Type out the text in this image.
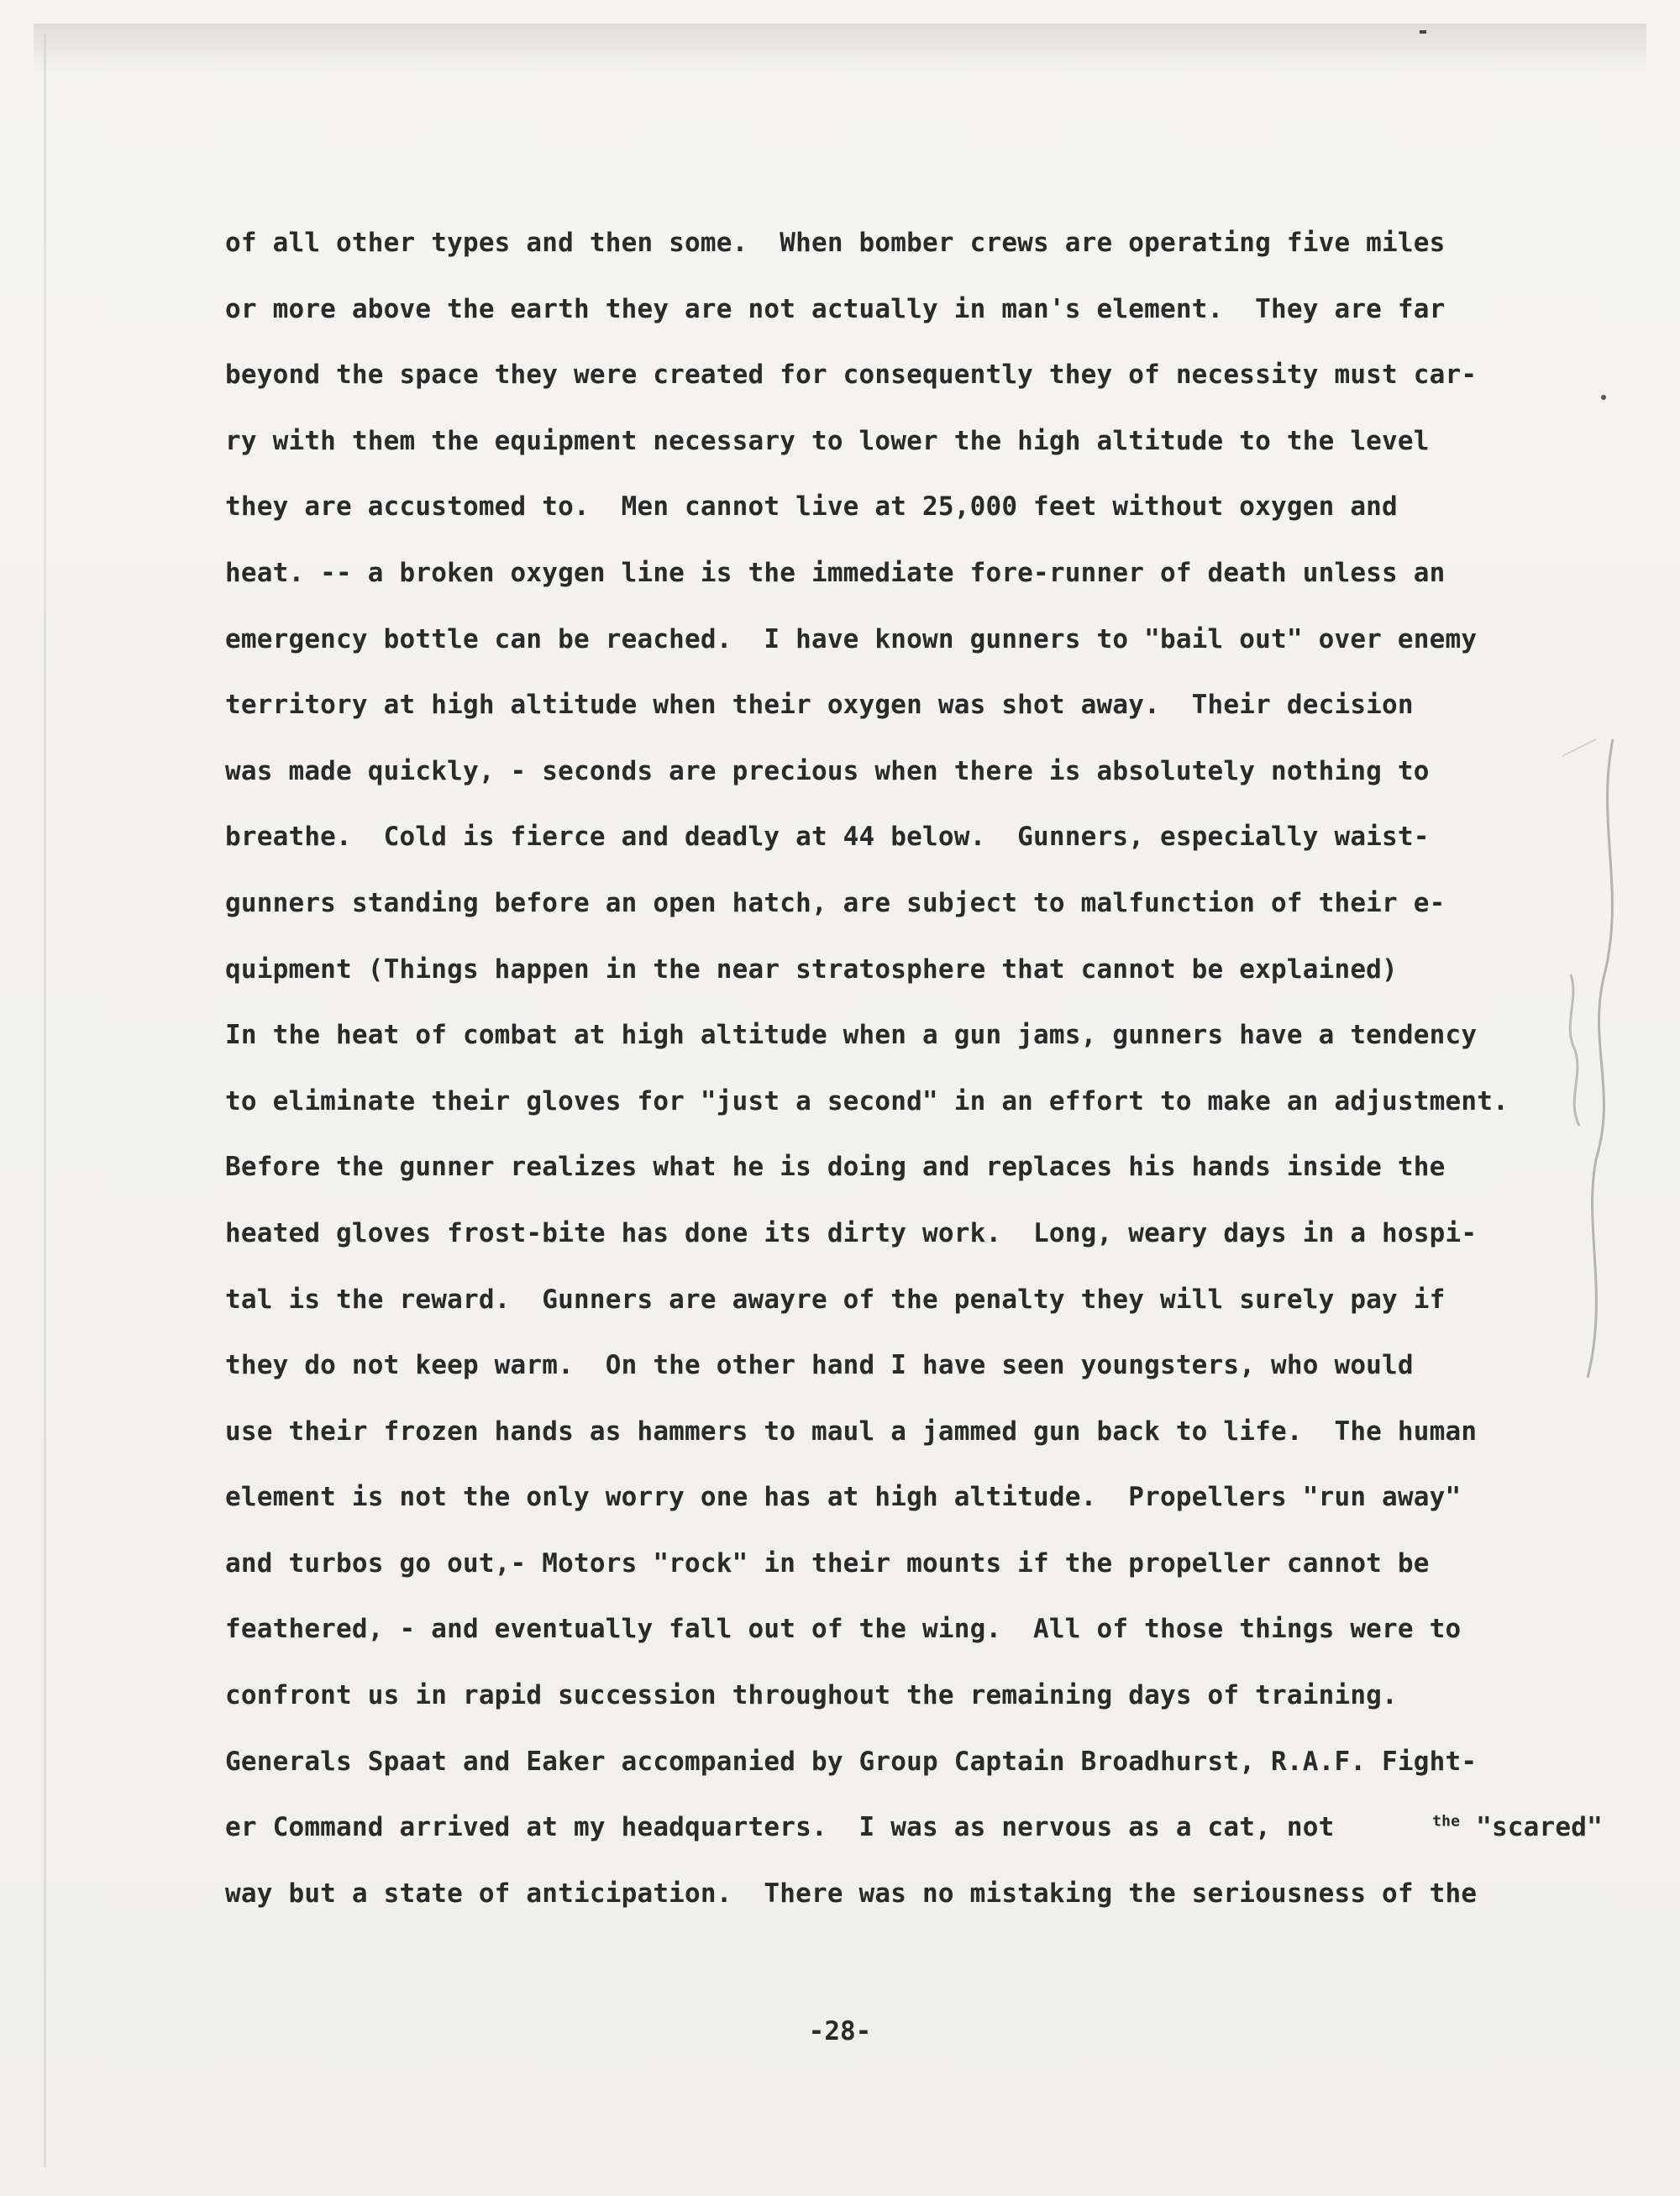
of all other types and then some.  When bomber crews are operating five miles
or more above the earth they are not actually in man's element.  They are far
beyond the space they were created for consequently they of necessity must car-
ry with them the equipment necessary to lower the high altitude to the level
they are accustomed to.  Men cannot live at 25,000 feet without oxygen and
heat. -- a broken oxygen line is the immediate fore-runner of death unless an
emergency bottle can be reached.  I have known gunners to "bail out" over enemy
territory at high altitude when their oxygen was shot away.  Their decision
was made quickly, - seconds are precious when there is absolutely nothing to
breathe.  Cold is fierce and deadly at 44 below.  Gunners, especially waist-
gunners standing before an open hatch, are subject to malfunction of their e-
quipment (Things happen in the near stratosphere that cannot be explained)
In the heat of combat at high altitude when a gun jams, gunners have a tendency
to eliminate their gloves for "just a second" in an effort to make an adjustment.
Before the gunner realizes what he is doing and replaces his hands inside the
heated gloves frost-bite has done its dirty work.  Long, weary days in a hospi-
tal is the reward.  Gunners are awayre of the penalty they will surely pay if
they do not keep warm.  On the other hand I have seen youngsters, who would
use their frozen hands as hammers to maul a jammed gun back to life.  The human
element is not the only worry one has at high altitude.  Propellers "run away"
and turbos go out,- Motors "rock" in their mounts if the propeller cannot be
feathered, - and eventually fall out of the wing.  All of those things were to
confront us in rapid succession throughout the remaining days of training.
Generals Spaat and Eaker accompanied by Group Captain Broadhurst, R.A.F. Fight-
er Command arrived at my headquarters.  I was as nervous as a cat, not	$^{the}$ "scared"
way but a state of anticipation.  There was no mistaking the seriousness of the
-28-
